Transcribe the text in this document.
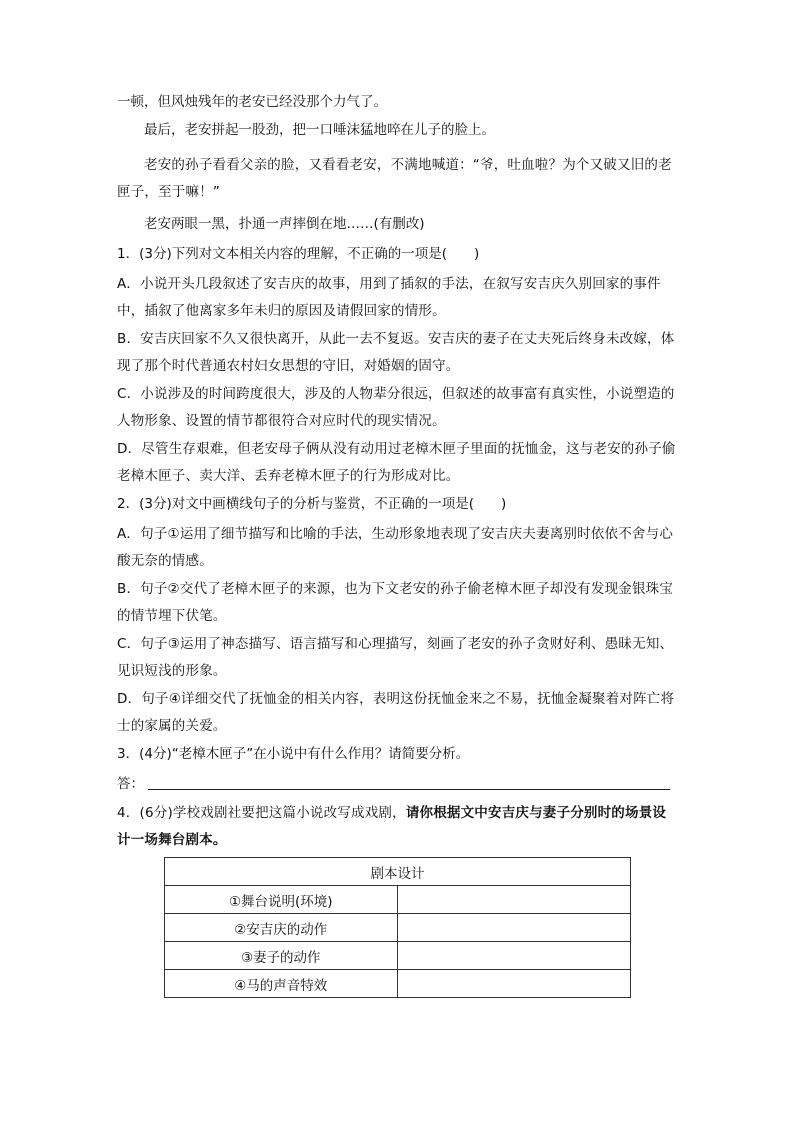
一顿，但风烛残年的老安已经没那个力气了。

最后，老安拼起一股劲，把一口唾沫猛地啐在儿子的脸上。

老安的孙子看看父亲的脸，又看看老安，不满地喊道：“爷，吐血啦？为个又破又旧的老匣子，至于嘛！”

老安两眼一黑，扑通一声摔倒在地……(有删改)

1．(3分)下列对文本相关内容的理解，不正确的一项是(　　)

A．小说开头几段叙述了安吉庆的故事，用到了插叙的手法，在叙写安吉庆久别回家的事件中，插叙了他离家多年未归的原因及请假回家的情形。

B．安吉庆回家不久又很快离开，从此一去不复返。安吉庆的妻子在丈夫死后终身未改嫁，体现了那个时代普通农村妇女思想的守旧，对婚姻的固守。

C．小说涉及的时间跨度很大，涉及的人物辈分很远，但叙述的故事富有真实性，小说塑造的人物形象、设置的情节都很符合对应时代的现实情况。

D．尽管生存艰难，但老安母子俩从没有动用过老樟木匣子里面的抚恤金，这与老安的孙子偷老樟木匣子、卖大洋、丢弃老樟木匣子的行为形成对比。

2．(3分)对文中画横线句子的分析与鉴赏，不正确的一项是(　　)

A．句子①运用了细节描写和比喻的手法，生动形象地表现了安吉庆夫妻离别时依依不舍与心酸无奈的情感。

B．句子②交代了老樟木匣子的来源，也为下文老安的孙子偷老樟木匣子却没有发现金银珠宝的情节埋下伏笔。

C．句子③运用了神态描写、语言描写和心理描写，刻画了老安的孙子贪财好利、愚昧无知、见识短浅的形象。

D．句子④详细交代了抚恤金的相关内容，表明这份抚恤金来之不易，抚恤金凝聚着对阵亡将士的家属的关爱。

3．(4分)“老樟木匣子”在小说中有什么作用？请简要分析。

答：

4．(6分)学校戏剧社要把这篇小说改写成戏剧，请你根据文中安吉庆与妻子分别时的场景设计一场舞台剧本。

剧本设计	
①舞台说明(环境)	
②安吉庆的动作	
③妻子的动作	
④马的声音特效	
